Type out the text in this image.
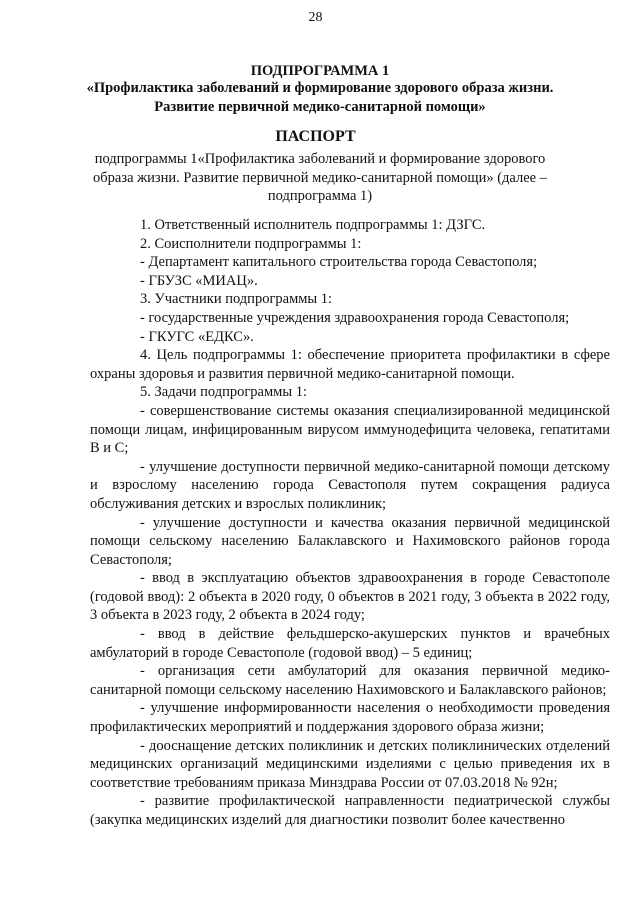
28
ПОДПРОГРАММА 1
«Профилактика заболеваний и формирование здорового образа жизни. Развитие первичной медико-санитарной помощи»
ПАСПОРТ
подпрограммы 1«Профилактика заболеваний и формирование здорового образа жизни. Развитие первичной медико-санитарной помощи» (далее – подпрограмма 1)

1. Ответственный исполнитель подпрограммы 1: ДЗГС.

2. Соисполнители подпрограммы 1:

- Департамент капитального строительства города Севастополя;

- ГБУЗС «МИАЦ».

3. Участники подпрограммы 1:

- государственные учреждения здравоохранения города Севастополя;

- ГКУГС «ЕДКС».

4. Цель подпрограммы 1: обеспечение приоритета профилактики в сфере охраны здоровья и развития первичной медико-санитарной помощи.

5. Задачи подпрограммы 1:

- совершенствование системы оказания специализированной медицинской помощи лицам, инфицированным вирусом иммунодефицита человека, гепатитами В и С;

- улучшение доступности первичной медико-санитарной помощи детскому и взрослому населению города Севастополя путем сокращения радиуса обслуживания детских и взрослых поликлиник;

- улучшение доступности и качества оказания первичной медицинской помощи сельскому населению Балаклавского и Нахимовского районов города Севастополя;

- ввод в эксплуатацию объектов здравоохранения в городе Севастополе (годовой ввод): 2 объекта в 2020 году, 0 объектов в 2021 году, 3 объекта в 2022 году, 3 объекта в 2023 году, 2 объекта в 2024 году;

- ввод в действие фельдшерско-акушерских пунктов и врачебных амбулаторий в городе Севастополе (годовой ввод) – 5 единиц;

- организация сети амбулаторий для оказания первичной медико-санитарной помощи сельскому населению Нахимовского и Балаклавского районов;

- улучшение информированности населения о необходимости проведения профилактических мероприятий и поддержания здорового образа жизни;

- дооснащение детских поликлиник и детских поликлинических отделений медицинских организаций медицинскими изделиями с целью приведения их в соответствие требованиям приказа Минздрава России от 07.03.2018 № 92н;

- развитие профилактической направленности педиатрической службы (закупка медицинских изделий для диагностики позволит более качественно
